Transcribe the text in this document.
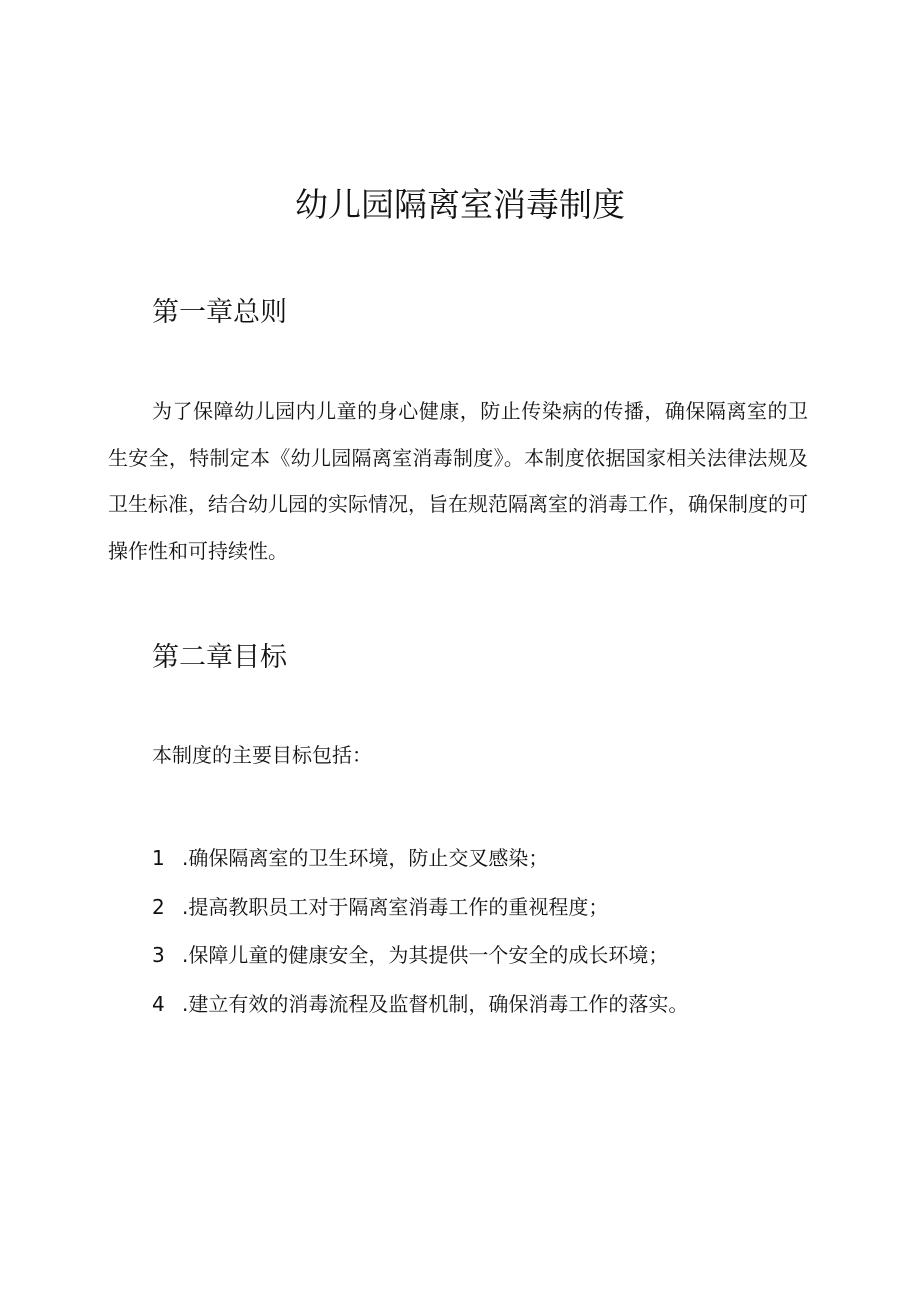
幼儿园隔离室消毒制度
第一章总则

为了保障幼儿园内儿童的身心健康，防止传染病的传播，确保隔离室的卫生安全，特制定本《幼儿园隔离室消毒制度》。本制度依据国家相关法律法规及卫生标准，结合幼儿园的实际情况，旨在规范隔离室的消毒工作，确保制度的可操作性和可持续性。

第二章目标

本制度的主要目标包括：

1 .确保隔离室的卫生环境，防止交叉感染；
2 .提高教职员工对于隔离室消毒工作的重视程度；
3 .保障儿童的健康安全，为其提供一个安全的成长环境；
4 .建立有效的消毒流程及监督机制，确保消毒工作的落实。
